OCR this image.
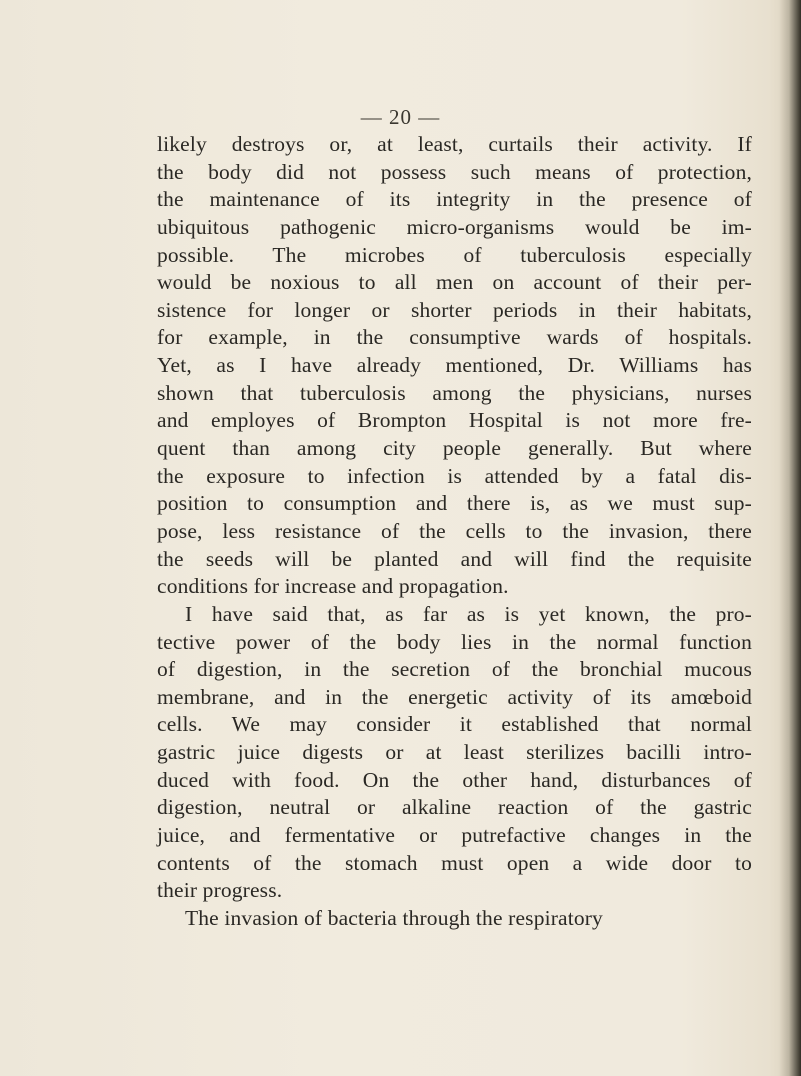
— 20 —
likely destroys or, at least, curtails their activity. If
the body did not possess such means of protection,
the maintenance of its integrity in the presence of
ubiquitous pathogenic micro-organisms would be im-
possible. The microbes of tuberculosis especially
would be noxious to all men on account of their per-
sistence for longer or shorter periods in their habitats,
for example, in the consumptive wards of hospitals.
Yet, as I have already mentioned, Dr. Williams has
shown that tuberculosis among the physicians, nurses
and employes of Brompton Hospital is not more fre-
quent than among city people generally. But where
the exposure to infection is attended by a fatal dis-
position to consumption and there is, as we must sup-
pose, less resistance of the cells to the invasion, there
the seeds will be planted and will find the requisite
conditions for increase and propagation.
I have said that, as far as is yet known, the pro-
tective power of the body lies in the normal function
of digestion, in the secretion of the bronchial mucous
membrane, and in the energetic activity of its amœboid
cells. We may consider it established that normal
gastric juice digests or at least sterilizes bacilli intro-
duced with food. On the other hand, disturbances of
digestion, neutral or alkaline reaction of the gastric
juice, and fermentative or putrefactive changes in the
contents of the stomach must open a wide door to
their progress.
The invasion of bacteria through the respiratory
